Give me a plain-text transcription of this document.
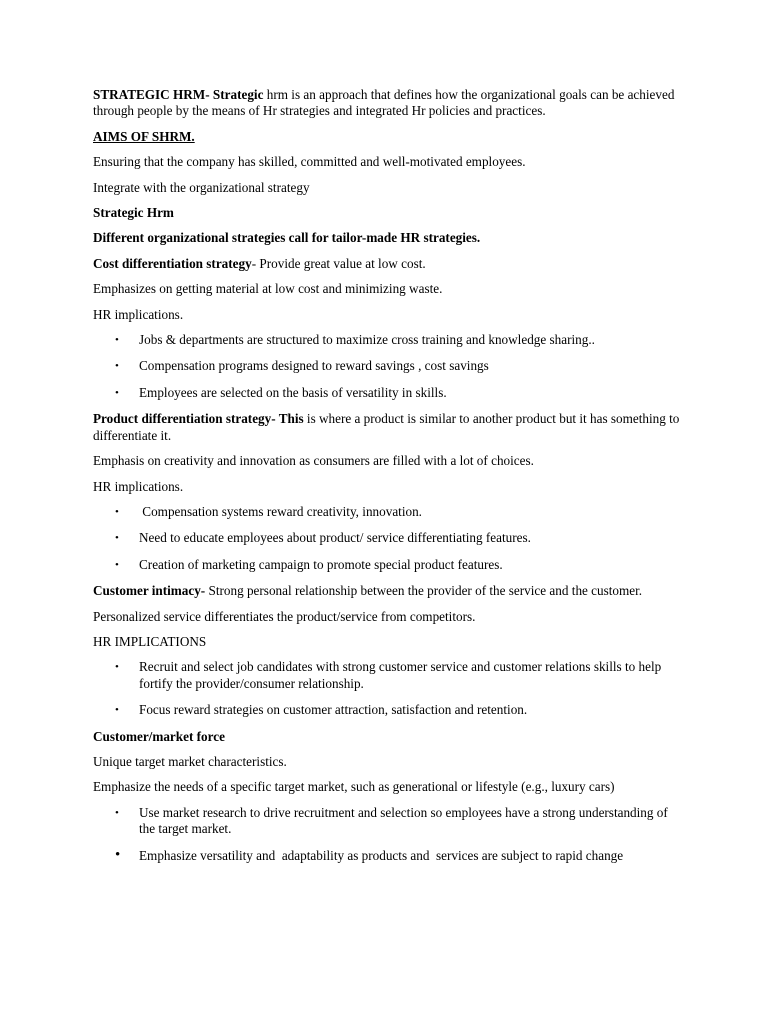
STRATEGIC HRM- Strategic hrm is an approach that defines how the organizational goals can be achieved through people by the means of Hr strategies and integrated Hr policies and practices.

AIMS OF SHRM.

Ensuring that the company has skilled, committed and well-motivated employees.

Integrate with the organizational strategy

Strategic Hrm

Different organizational strategies call for tailor-made HR strategies.

Cost differentiation strategy- Provide great value at low cost.

Emphasizes on getting material at low cost and minimizing waste.

HR implications.

• Jobs & departments are structured to maximize cross training and knowledge sharing..
• Compensation programs designed to reward savings , cost savings
• Employees are selected on the basis of versatility in skills.

Product differentiation strategy- This is where a product is similar to another product but it has something to differentiate it.

Emphasis on creativity and innovation as consumers are filled with a lot of choices.

HR implications.

• Compensation systems reward creativity, innovation.
• Need to educate employees about product/ service differentiating features.
• Creation of marketing campaign to promote special product features.

Customer intimacy- Strong personal relationship between the provider of the service and the customer.

Personalized service differentiates the product/service from competitors.

HR IMPLICATIONS

• Recruit and select job candidates with strong customer service and customer relations skills to help fortify the provider/consumer relationship.
• Focus reward strategies on customer attraction, satisfaction and retention.

Customer/market force

Unique target market characteristics.

Emphasize the needs of a specific target market, such as generational or lifestyle (e.g., luxury cars)

• Use market research to drive recruitment and selection so employees have a strong understanding of the target market.
• Emphasize versatility and  adaptability as products and  services are subject to rapid change
